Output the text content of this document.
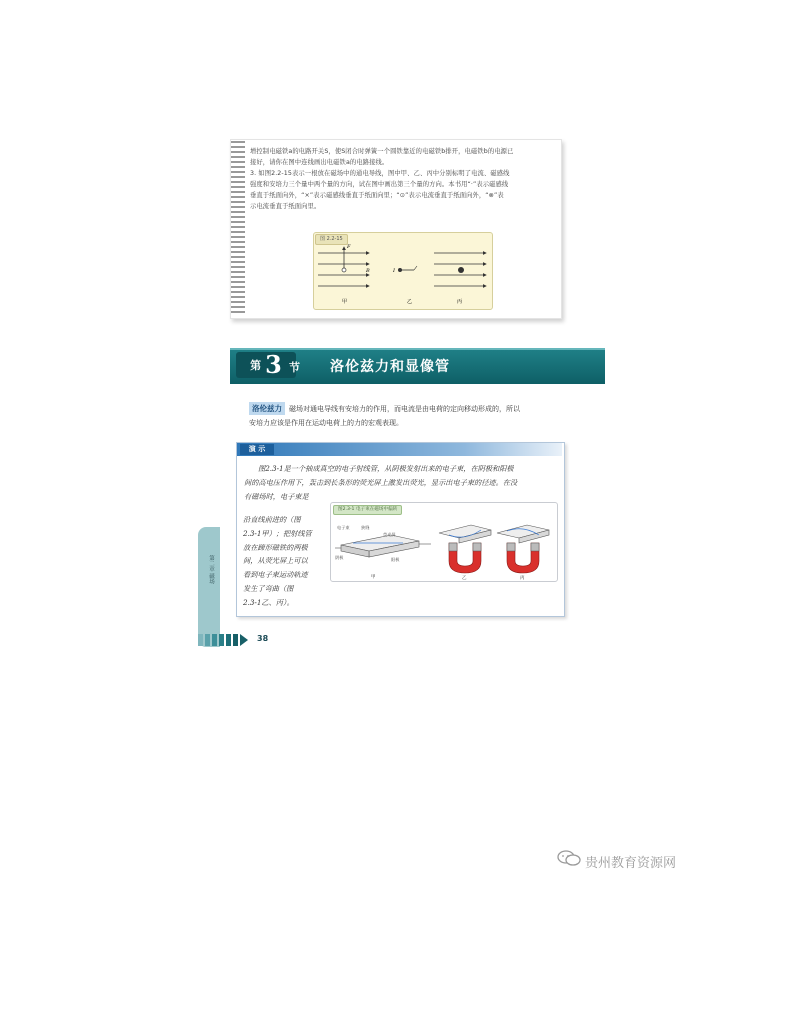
增控制电磁铁a的电路开关S，使S闭合时弹簧一个圆铁靠近的电磁铁b排开，电磁铁b的电源已

接好，请你在图中连线画出电磁铁a的电路接线。

3. 如图2.2-15表示一根放在磁场中的通电导线，图中甲、乙、丙中分别标明了电流、磁感线

强度和安培力三个量中两个量的方向，试在图中画出第三个量的方向。本书用“·”表示磁感线

垂直于纸面向外，“×”表示磁感线垂直于纸面向里；“⊙”表示电流垂直于纸面向外，“⊗”表

示电流垂直于纸面向里。

F
B	I
甲	乙	丙
图 2.2-15
第 3 节 洛伦兹力和显像管
磁场对通电导线有安培力的作用，而电流是由电荷的定向移动形成的，所以
安培力应该是作用在运动电荷上的力的宏观表现。
洛伦兹力
演 示
图2.3-1是一个抽成真空的电子射线管，从阴极发射出来的电子束，在阴极和阳极
间的高电压作用下，轰击到长条形的荧光屏上激发出荧光，显示出电子束的径迹。在没
有磁场时，电子束是
沿直线前进的（图
2.3-1甲）；把射线管
放在蹄形磁铁的两极
间，从荧光屏上可以
看到电子束运动轨迹
发生了弯曲（图
2.3-1乙、丙）。
电子束	狭缝
荧光屏
阴极	阳极
甲	乙	丙
图2.3-1 电子束在磁场中偏转
第二章 磁场
38
贵州教育资源网
